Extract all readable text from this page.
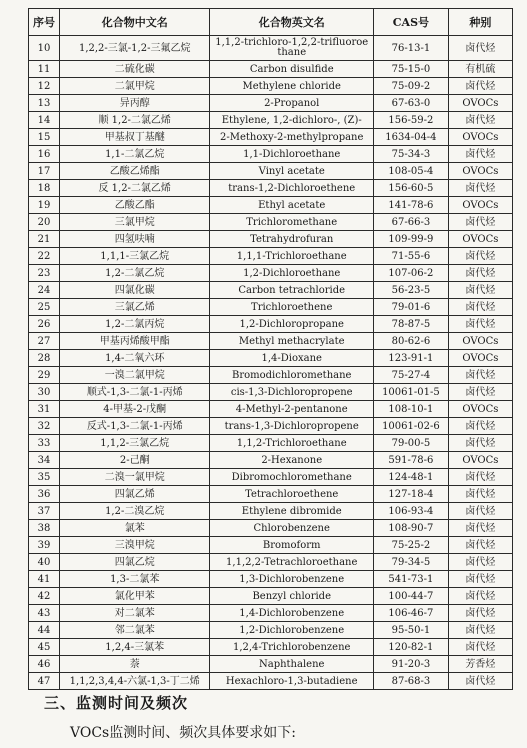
序号	化合物中文名	化合物英文名	CAS号	种别
10	1,2,2-三氯-1,2-三氟乙烷	1,1,2-trichloro-1,2,2-trifluoroe thane	76-13-1	卤代烃
11	二硫化碳	Carbon disulfide	75-15-0	有机硫
12	二氯甲烷	Methylene chloride	75-09-2	卤代烃
13	异丙醇	2-Propanol	67-63-0	OVOCs
14	顺 1,2-二氯乙烯	Ethylene, 1,2-dichloro-, (Z)-	156-59-2	卤代烃
15	甲基叔丁基醚	2-Methoxy-2-methylpropane	1634-04-4	OVOCs
16	1,1-二氯乙烷	1,1-Dichloroethane	75-34-3	卤代烃
17	乙酸乙烯酯	Vinyl acetate	108-05-4	OVOCs
18	反 1,2-二氯乙烯	trans-1,2-Dichloroethene	156-60-5	卤代烃
19	乙酸乙酯	Ethyl acetate	141-78-6	OVOCs
20	三氯甲烷	Trichloromethane	67-66-3	卤代烃
21	四氢呋喃	Tetrahydrofuran	109-99-9	OVOCs
22	1,1,1-三氯乙烷	1,1,1-Trichloroethane	71-55-6	卤代烃
23	1,2-二氯乙烷	1,2-Dichloroethane	107-06-2	卤代烃
24	四氯化碳	Carbon tetrachloride	56-23-5	卤代烃
25	三氯乙烯	Trichloroethene	79-01-6	卤代烃
26	1,2-二氯丙烷	1,2-Dichloropropane	78-87-5	卤代烃
27	甲基丙烯酸甲酯	Methyl methacrylate	80-62-6	OVOCs
28	1,4-二氧六环	1,4-Dioxane	123-91-1	OVOCs
29	一溴二氯甲烷	Bromodichloromethane	75-27-4	卤代烃
30	顺式-1,3-二氯-1-丙烯	cis-1,3-Dichloropropene	10061-01-5	卤代烃
31	4-甲基-2-戊酮	4-Methyl-2-pentanone	108-10-1	OVOCs
32	反式-1,3-二氯-1-丙烯	trans-1,3-Dichloropropene	10061-02-6	卤代烃
33	1,1,2-三氯乙烷	1,1,2-Trichloroethane	79-00-5	卤代烃
34	2-己酮	2-Hexanone	591-78-6	OVOCs
35	二溴一氯甲烷	Dibromochloromethane	124-48-1	卤代烃
36	四氯乙烯	Tetrachloroethene	127-18-4	卤代烃
37	1,2-二溴乙烷	Ethylene dibromide	106-93-4	卤代烃
38	氯苯	Chlorobenzene	108-90-7	卤代烃
39	三溴甲烷	Bromoform	75-25-2	卤代烃
40	四氯乙烷	1,1,2,2-Tetrachloroethane	79-34-5	卤代烃
41	1,3-二氯苯	1,3-Dichlorobenzene	541-73-1	卤代烃
42	氯化甲苯	Benzyl chloride	100-44-7	卤代烃
43	对二氯苯	1,4-Dichlorobenzene	106-46-7	卤代烃
44	邻二氯苯	1,2-Dichlorobenzene	95-50-1	卤代烃
45	1,2,4-三氯苯	1,2,4-Trichlorobenzene	120-82-1	卤代烃
46	萘	Naphthalene	91-20-3	芳香烃
47	1,1,2,3,4,4-六氯-1,3-丁二烯	Hexachloro-1,3-butadiene	87-68-3	卤代烃
三、监测时间及频次
VOCs监测时间、频次具体要求如下:
